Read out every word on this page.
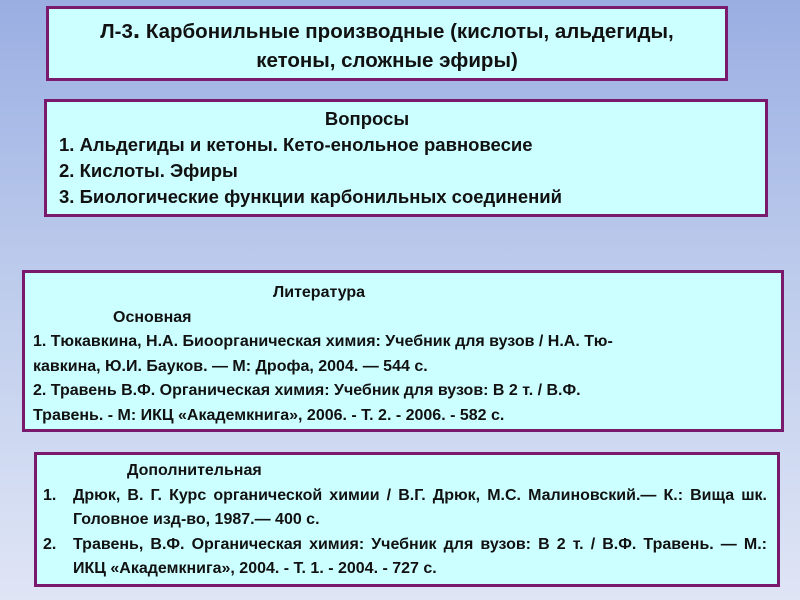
Л-3. Карбонильные производные (кислоты, альдегиды,
кетоны, сложные эфиры)
Вопросы
1. Альдегиды и кетоны. Кето-енольное равновесие
2. Кислоты. Эфиры
3. Биологические функции карбонильных соединений
Литература
Основная
1. Тюкавкина, Н.А. Биоорганическая химия: Учебник для вузов / Н.А. Тю-
кавкина, Ю.И. Бауков. — М: Дрофа, 2004. — 544 с.
2. Травень В.Ф. Органическая химия: Учебник для вузов: В 2 т. / В.Ф.
Травень. - М: ИКЦ «Академкнига», 2006. - Т. 2. - 2006. - 582 с.
Дополнительная
1.	Дрюк, В. Г. Курс органической химии / В.Г. Дрюк, М.С. Малиновский.— К.: Вища шк. Головное изд-во, 1987.— 400 с.
2.	Травень, В.Ф. Органическая химия: Учебник для вузов: В 2 т. / В.Ф. Травень. — М.: ИКЦ «Академкнига», 2004. - Т. 1. - 2004. - 727 с.
